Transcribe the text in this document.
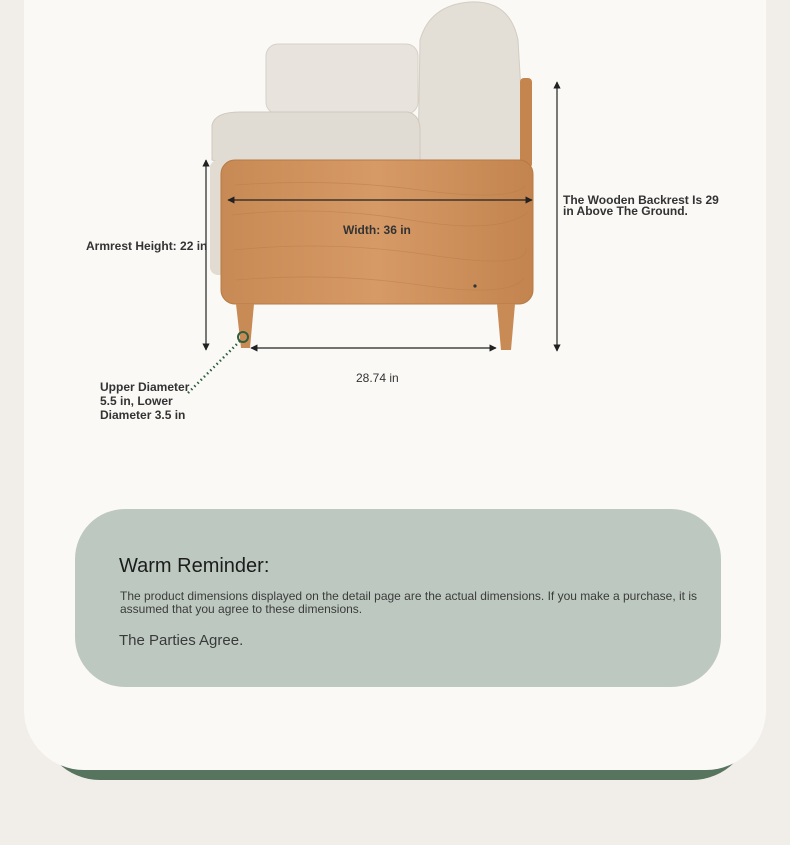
Width: 36 in
Armrest Height: 22 in
The Wooden Backrest Is 29 in Above The Ground.
28.74 in
Upper Diameter 5.5 in, Lower Diameter 3.5 in
Warm Reminder:
The product dimensions displayed on the detail page are the actual dimensions. If you make a purchase, it is assumed that you agree to these dimensions.
The Parties Agree.
